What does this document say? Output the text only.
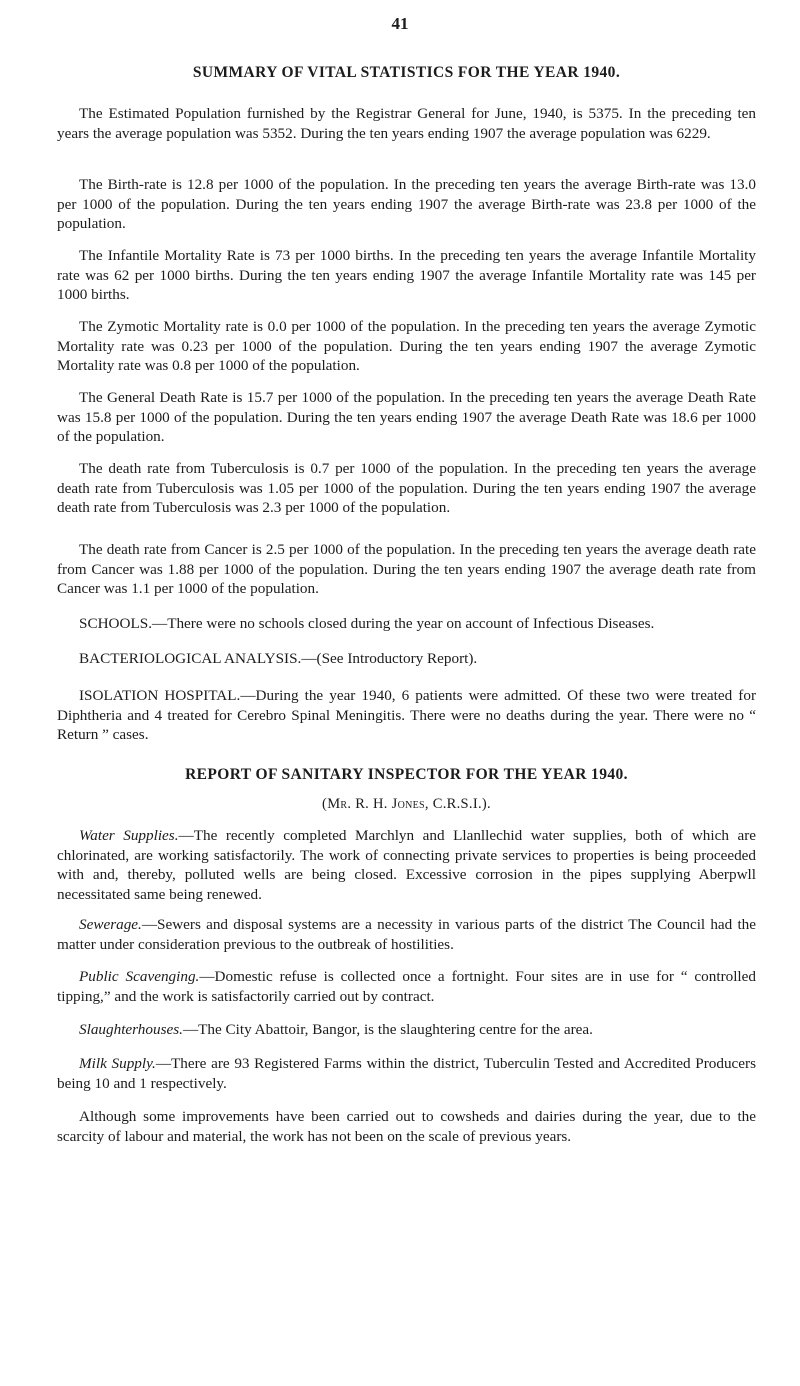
41
SUMMARY OF VITAL STATISTICS FOR THE YEAR 1940.

The Estimated Population furnished by the Registrar General for June, 1940, is 5375. In the preceding ten years the average population was 5352. During the ten years ending 1907 the average population was 6229.

The Birth-rate is 12.8 per 1000 of the population. In the preceding ten years the average Birth-rate was 13.0 per 1000 of the population. During the ten years ending 1907 the average Birth-rate was 23.8 per 1000 of the population.

The Infantile Mortality Rate is 73 per 1000 births. In the preceding ten years the average Infantile Mortality rate was 62 per 1000 births. During the ten years ending 1907 the average Infantile Mortality rate was 145 per 1000 births.

The Zymotic Mortality rate is 0.0 per 1000 of the population. In the preceding ten years the average Zymotic Mortality rate was 0.23 per 1000 of the population. During the ten years ending 1907 the average Zymotic Mortality rate was 0.8 per 1000 of the population.

The General Death Rate is 15.7 per 1000 of the population. In the preceding ten years the average Death Rate was 15.8 per 1000 of the population. During the ten years ending 1907 the average Death Rate was 18.6 per 1000 of the population.

The death rate from Tuberculosis is 0.7 per 1000 of the population. In the preceding ten years the average death rate from Tuberculosis was 1.05 per 1000 of the population. During the ten years ending 1907 the average death rate from Tuberculosis was 2.3 per 1000 of the population.

The death rate from Cancer is 2.5 per 1000 of the population. In the preceding ten years the average death rate from Cancer was 1.88 per 1000 of the population. During the ten years ending 1907 the average death rate from Cancer was 1.1 per 1000 of the population.

SCHOOLS.—There were no schools closed during the year on account of Infectious Diseases.

BACTERIOLOGICAL ANALYSIS.—(See Introductory Report).

ISOLATION HOSPITAL.—During the year 1940, 6 patients were admitted. Of these two were treated for Diphtheria and 4 treated for Cerebro Spinal Meningitis. There were no deaths during the year. There were no “ Return ” cases.

REPORT OF SANITARY INSPECTOR FOR THE YEAR 1940.
(Mr. R. H. Jones, C.R.S.I.).

Water Supplies.—The recently completed Marchlyn and Llanllechid water supplies, both of which are chlorinated, are working satisfactorily. The work of connecting private services to properties is being proceeded with and, thereby, polluted wells are being closed. Excessive corrosion in the pipes supplying Aberpwll necessitated same being renewed.

Sewerage.—Sewers and disposal systems are a necessity in various parts of the district The Council had the matter under consideration previous to the outbreak of hostilities.

Public Scavenging.—Domestic refuse is collected once a fortnight. Four sites are in use for “ controlled tipping,” and the work is satisfactorily carried out by contract.

Slaughterhouses.—The City Abattoir, Bangor, is the slaughtering centre for the area.

Milk Supply.—There are 93 Registered Farms within the district, Tuberculin Tested and Accredited Producers being 10 and 1 respectively.

Although some improvements have been carried out to cowsheds and dairies during the year, due to the scarcity of labour and material, the work has not been on the scale of previous years.
